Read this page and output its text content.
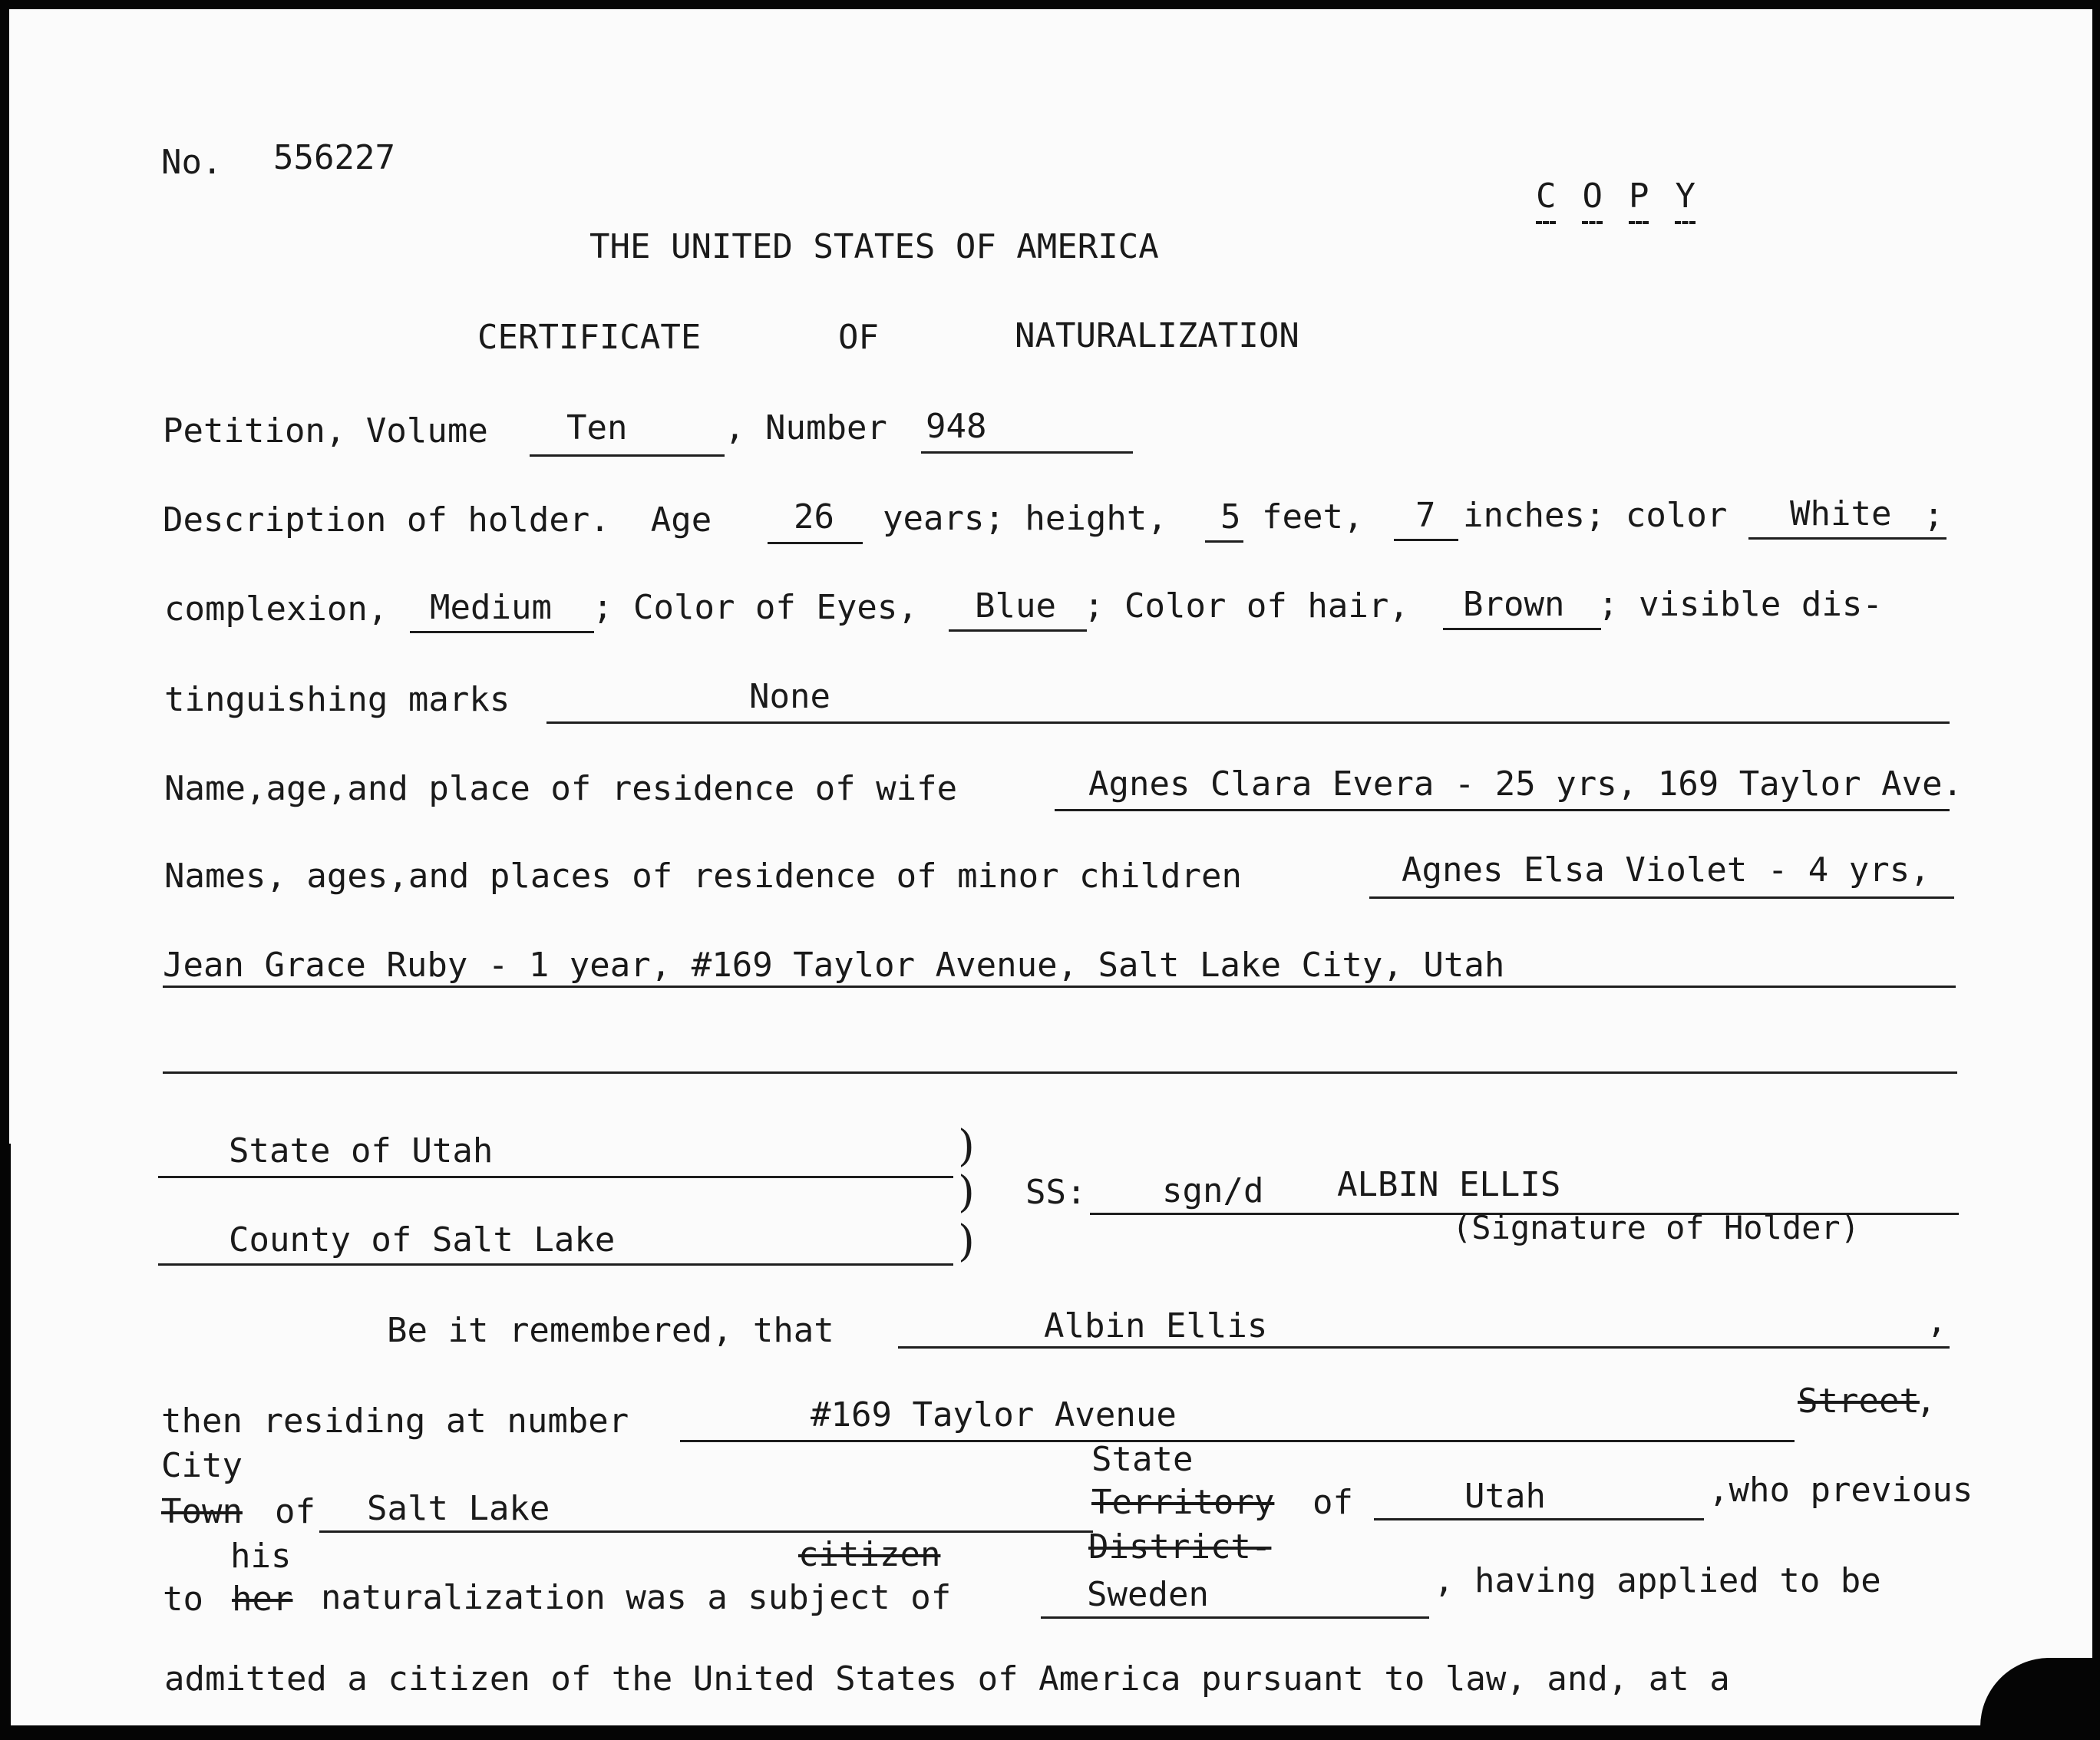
No. 556227

C O P Y

THE UNITED STATES OF AMERICA
CERTIFICATE	OF	NATURALIZATION
Petition, Volume Ten	, Number 948
Description of holder.  Age 26 years; height, 5 feet, 7 inches; color White ;
complexion, Medium ; Color of Eyes, Blue ; Color of hair, Brown ; visible dis-
tinguishing marks	None
Name,age,and place of residence of wife	Agnes Clara Evera - 25 yrs, 169 Taylor Ave.
Names, ages,and places of residence of minor children	Agnes Elsa Violet - 4 yrs,
Jean Grace Ruby - 1 year, #169 Taylor Avenue, Salt Lake City, Utah
State of Utah
County of Salt Lake
)
)
)
SS: sgn/d ALBIN ELLIS
(Signature of Holder)
Be it remembered, that	Albin Ellis	,
then residing at number	#169 Taylor Avenue	Street
,
City	State
Town of Salt Lake	Territory of	Utah	,who previous
his	citizen	District-
to her naturalization was a subject of	Sweden	, having applied to be
admitted a citizen of the United States of America pursuant to law, and, at a
